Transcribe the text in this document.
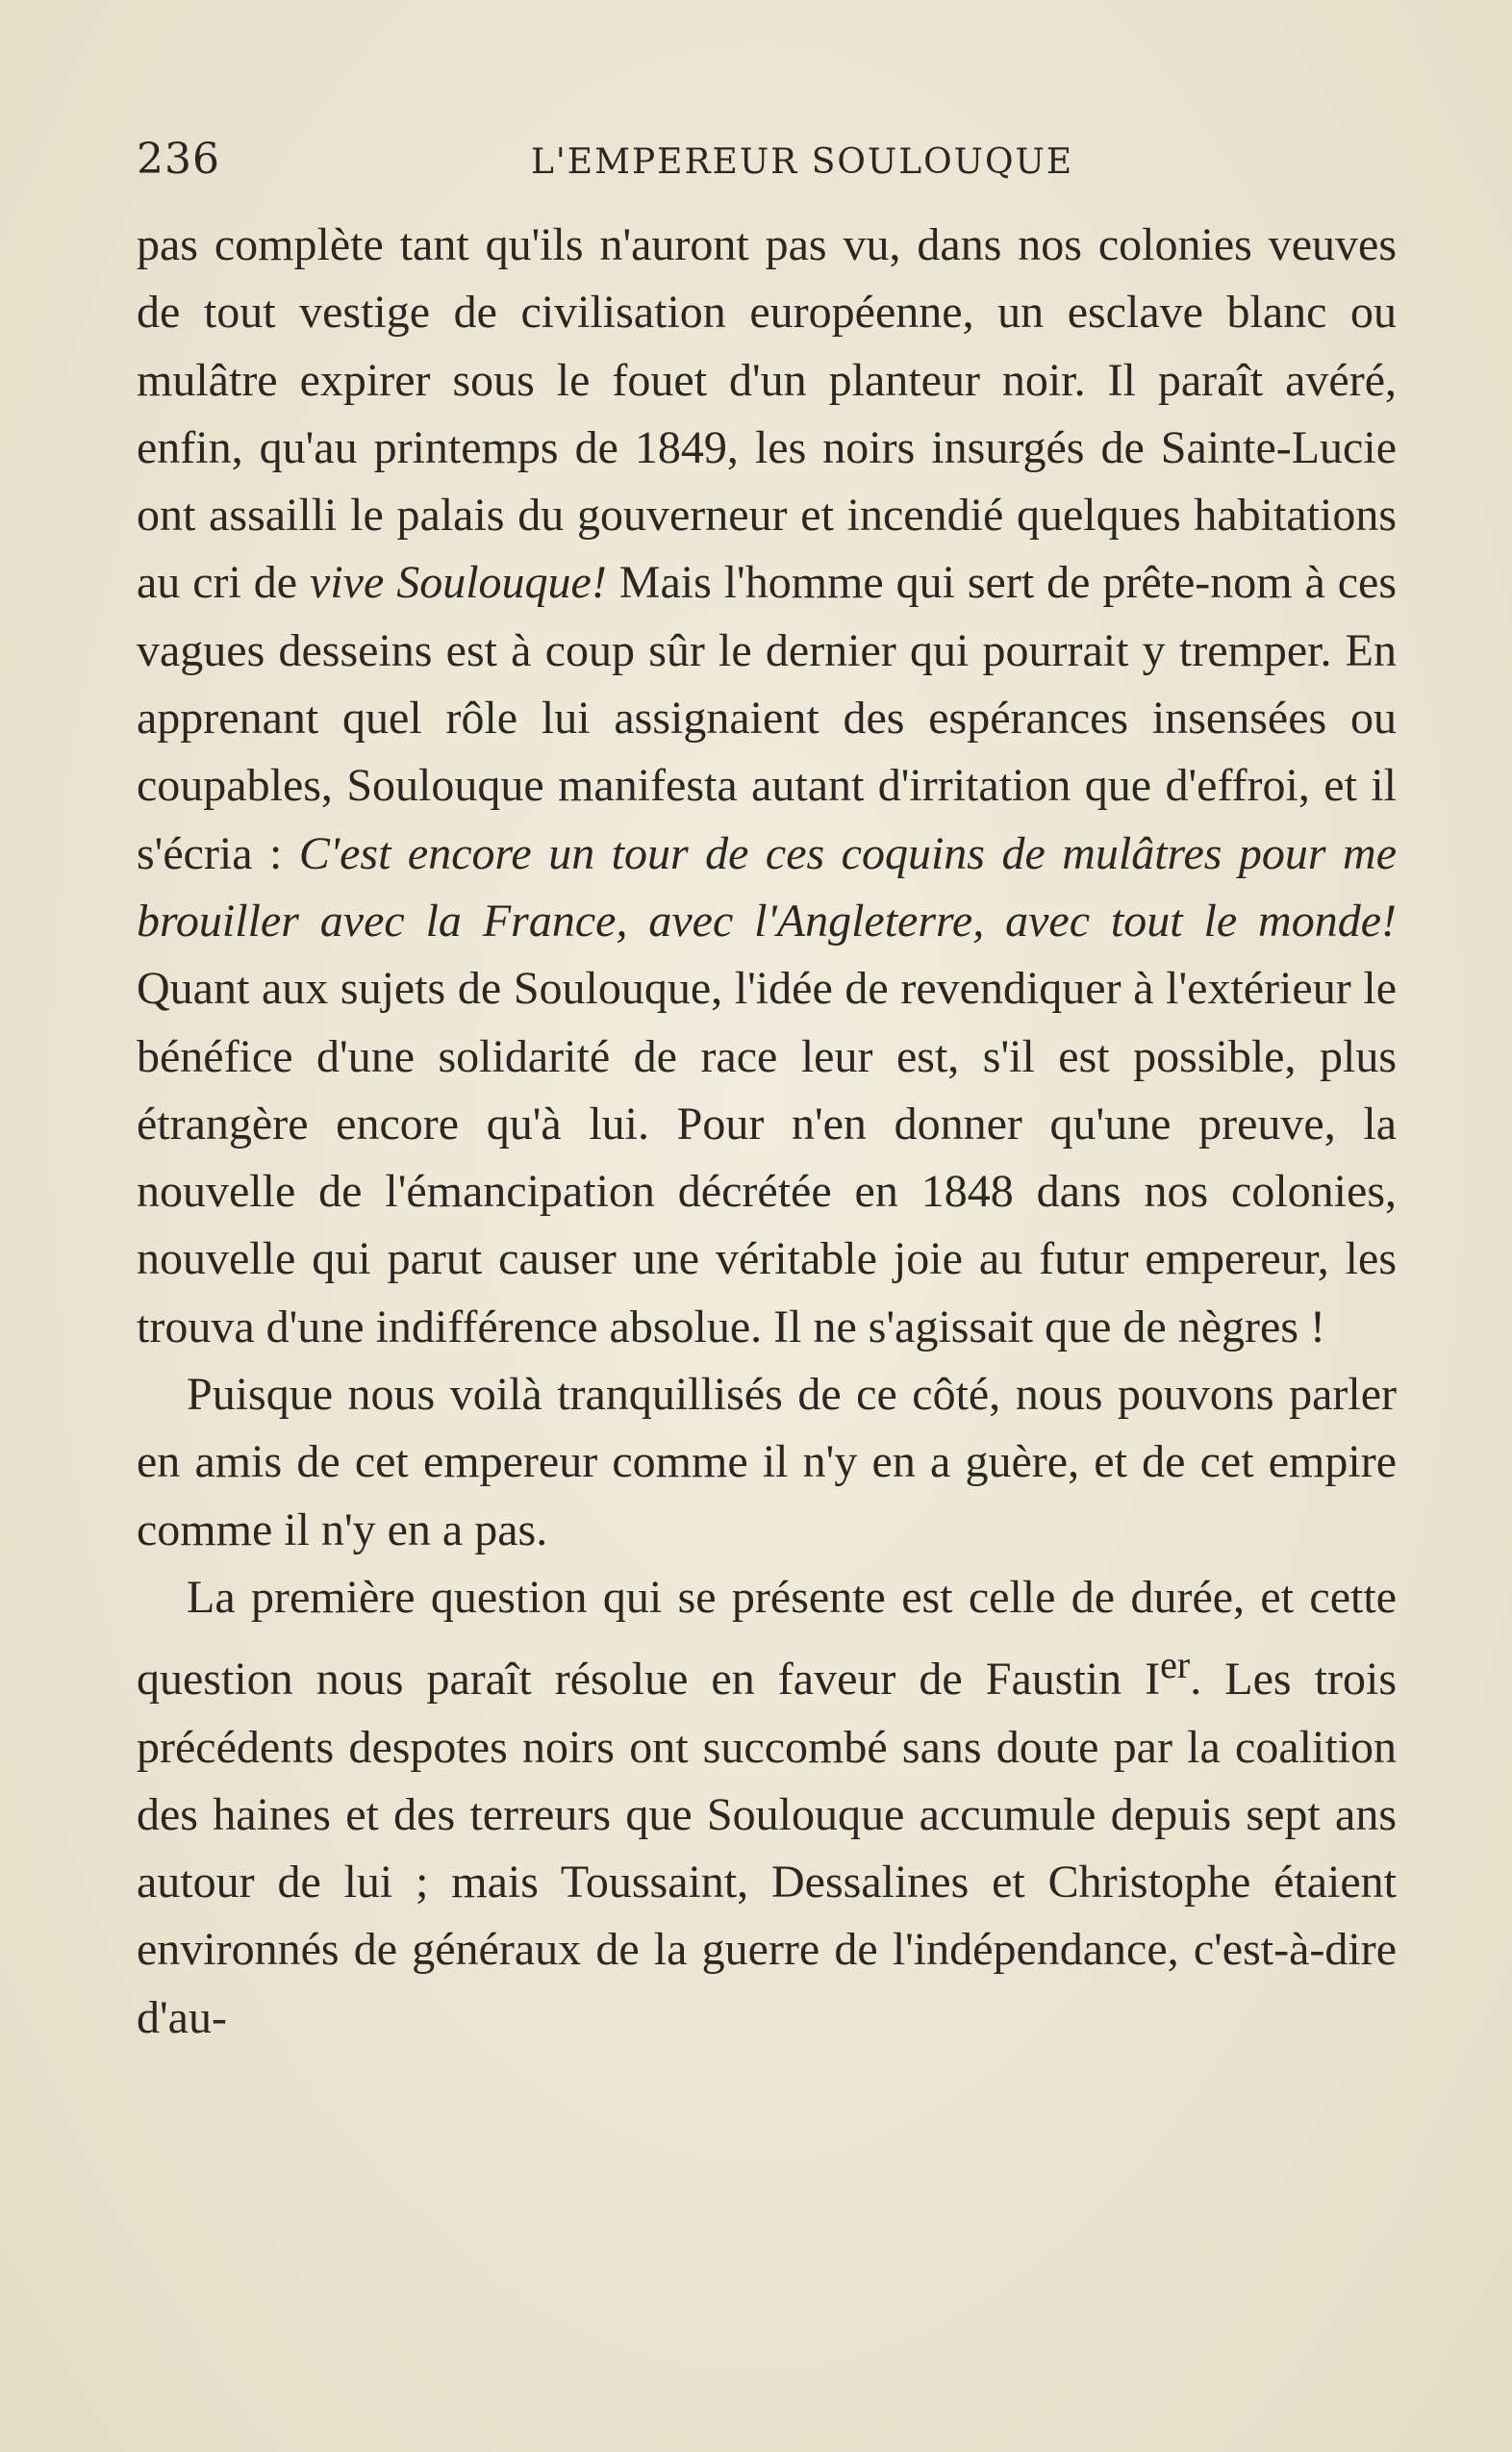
236	L'EMPEREUR SOULOUQUE

pas complète tant qu'ils n'auront pas vu, dans nos colonies veuves de tout vestige de civilisation européenne, un esclave blanc ou mulâtre expirer sous le fouet d'un planteur noir. Il paraît avéré, enfin, qu'au printemps de 1849, les noirs insurgés de Sainte-Lucie ont assailli le palais du gouverneur et incendié quelques habitations au cri de vive Soulouque! Mais l'homme qui sert de prête-nom à ces vagues desseins est à coup sûr le dernier qui pourrait y tremper. En apprenant quel rôle lui assignaient des espérances insensées ou coupables, Soulouque manifesta autant d'irritation que d'effroi, et il s'écria : C'est encore un tour de ces coquins de mulâtres pour me brouiller avec la France, avec l'Angleterre, avec tout le monde! Quant aux sujets de Soulouque, l'idée de revendiquer à l'extérieur le bénéfice d'une solidarité de race leur est, s'il est possible, plus étrangère encore qu'à lui. Pour n'en donner qu'une preuve, la nouvelle de l'émancipation décrétée en 1848 dans nos colonies, nouvelle qui parut causer une véritable joie au futur empereur, les trouva d'une indifférence absolue. Il ne s'agissait que de nègres !

Puisque nous voilà tranquillisés de ce côté, nous pouvons parler en amis de cet empereur comme il n'y en a guère, et de cet empire comme il n'y en a pas.

La première question qui se présente est celle de durée, et cette question nous paraît résolue en faveur de Faustin Ier. Les trois précédents despotes noirs ont succombé sans doute par la coalition des haines et des terreurs que Soulouque accumule depuis sept ans autour de lui ; mais Toussaint, Dessalines et Christophe étaient environnés de généraux de la guerre de l'indépendance, c'est-à-dire d'au-
